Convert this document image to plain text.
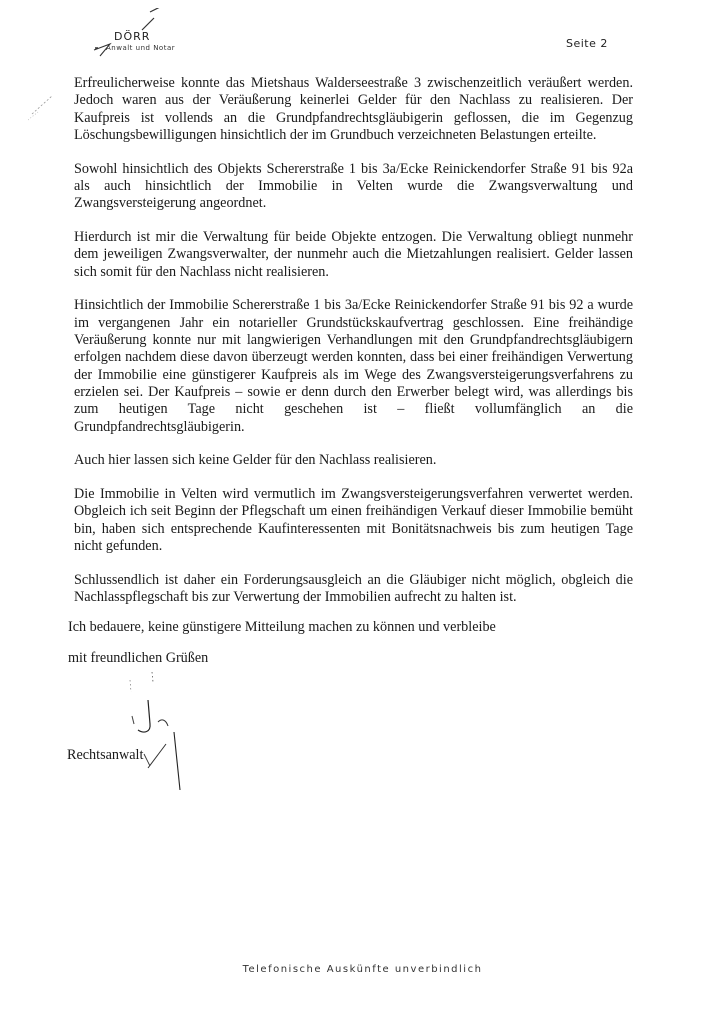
DÖRR
Anwalt und Notar	Seite 2

Erfreulicherweise konnte das Mietshaus Walderseestraße 3 zwischenzeitlich veräußert werden. Jedoch waren aus der Veräußerung keinerlei Gelder für den Nachlass zu realisieren. Der Kaufpreis ist vollends an die Grundpfandrechtsgläubigerin geflossen, die im Gegenzug Löschungsbewilligungen hinsichtlich der im Grundbuch verzeichneten Belastungen erteilte.

Sowohl hinsichtlich des Objekts Schererstraße 1 bis 3a/Ecke Reinickendorfer Straße 91 bis 92a als auch hinsichtlich der Immobilie in Velten wurde die Zwangsverwaltung und Zwangsversteigerung angeordnet.

Hierdurch ist mir die Verwaltung für beide Objekte entzogen. Die Verwaltung obliegt nunmehr dem jeweiligen Zwangsverwalter, der nunmehr auch die Mietzahlungen realisiert. Gelder lassen sich somit für den Nachlass nicht realisieren.

Hinsichtlich der Immobilie Schererstraße 1 bis 3a/Ecke Reinickendorfer Straße 91 bis 92 a wurde im vergangenen Jahr ein notarieller Grundstückskaufvertrag geschlossen. Eine freihändige Veräußerung konnte nur mit langwierigen Verhandlungen mit den Grundpfandrechtsgläubigern erfolgen nachdem diese davon überzeugt werden konnten, dass bei einer freihändigen Verwertung der Immobilie eine günstigerer Kaufpreis als im Wege des Zwangsversteigerungsverfahrens zu erzielen sei. Der Kaufpreis – sowie er denn durch den Erwerber belegt wird, was allerdings bis zum heutigen Tage nicht geschehen ist – fließt vollumfänglich an die Grundpfandrechtsgläubigerin.

Auch hier lassen sich keine Gelder für den Nachlass realisieren.

Die Immobilie in Velten wird vermutlich im Zwangsversteigerungsverfahren verwertet werden. Obgleich ich seit Beginn der Pflegschaft um einen freihändigen Verkauf dieser Immobilie bemüht bin, haben sich entsprechende Kaufinteressenten mit Bonitätsnachweis bis zum heutigen Tage nicht gefunden.

Schlussendlich ist daher ein Forderungsausgleich an die Gläubiger nicht möglich, obgleich die Nachlasspflegschaft bis zur Verwertung der Immobilien aufrecht zu halten ist.

Ich bedauere, keine günstigere Mitteilung machen zu können und verbleibe
mit freundlichen Grüßen
Rechtsanwalt
Telefonische Auskünfte unverbindlich
